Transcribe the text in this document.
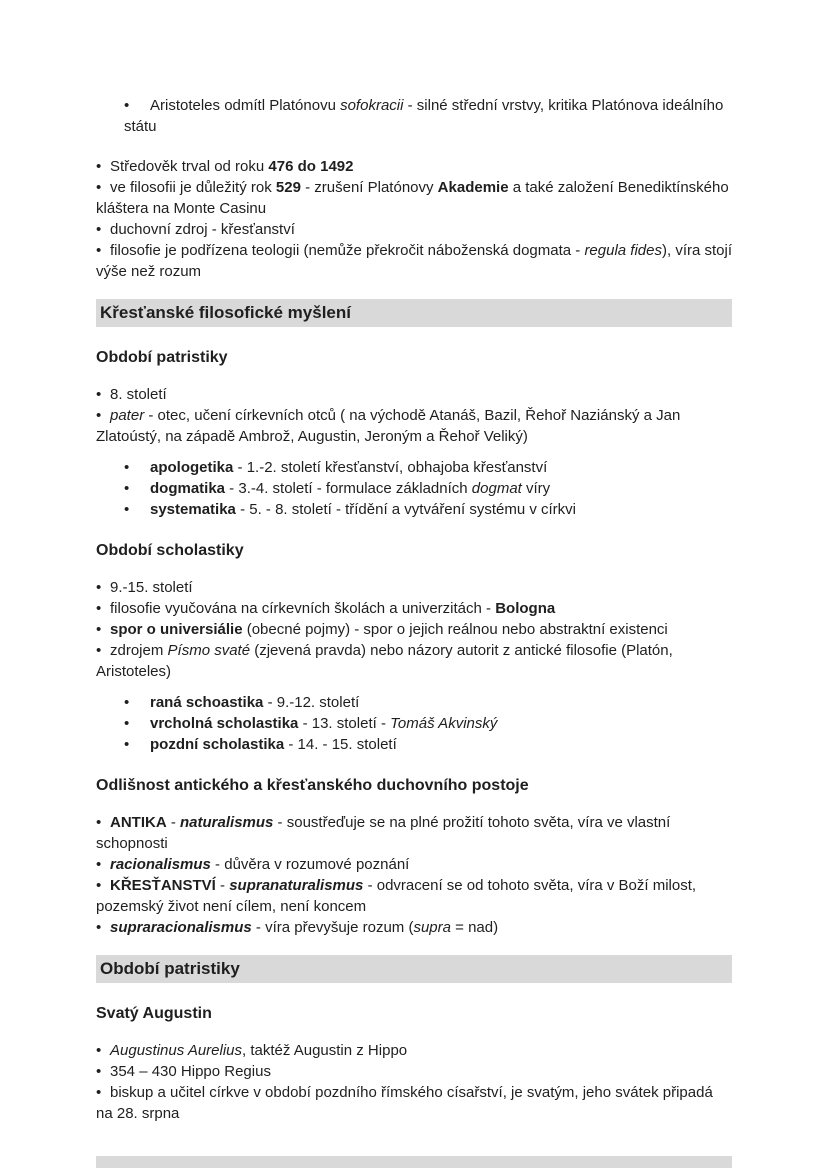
• Aristoteles odmítl Platónovu sofokracii - silné střední vrstvy, kritika Platónova ideálního státu
• Středověk trval od roku 476 do 1492
• ve filosofii je důležitý rok 529 - zrušení Platónovy Akademie a také založení Benediktínského kláštera na Monte Casinu
• duchovní zdroj - křesťanství
• filosofie je podřízena teologii (nemůže překročit náboženská dogmata - regula fides), víra stojí výše než rozum
Křesťanské filosofické myšlení
Období patristiky
• 8. století
• pater - otec, učení církevních otců ( na východě Atanáš, Bazil, Řehoř Naziánský a Jan Zlatoústý, na západě Ambrož, Augustin, Jeroným a Řehoř Veliký)
• apologetika - 1.-2. století křesťanství, obhajoba křesťanství
• dogmatika - 3.-4. století - formulace základních dogmat víry
• systematika - 5. - 8. století - třídění a vytváření systému v církvi
Období scholastiky
• 9.-15. století
• filosofie vyučována na církevních školách a univerzitách - Bologna
• spor o universiálie (obecné pojmy) - spor o jejich reálnou nebo abstraktní existenci
• zdrojem Písmo svaté (zjevená pravda) nebo názory autorit z antické filosofie (Platón, Aristoteles)
• raná schoastika - 9.-12. století
• vrcholná scholastika - 13. století - Tomáš Akvinský
• pozdní scholastika - 14. - 15. století
Odlišnost antického a křesťanského duchovního postoje
• ANTIKA - naturalismus - soustřeďuje se na plné prožití tohoto světa, víra ve vlastní schopnosti
• racionalismus - důvěra v rozumové poznání
• KŘESŤANSTVÍ - supranaturalismus - odvracení se od tohoto světa, víra v Boží milost, pozemský život není cílem, není koncem
• supraracionalismus - víra převyšuje rozum (supra = nad)
Období patristiky
Svatý Augustin
• Augustinus Aurelius, taktéž Augustin z Hippo
• 354 – 430 Hippo Regius
• biskup a učitel církve v období pozdního římského císařství, je svatým, jeho svátek připadá na 28. srpna
